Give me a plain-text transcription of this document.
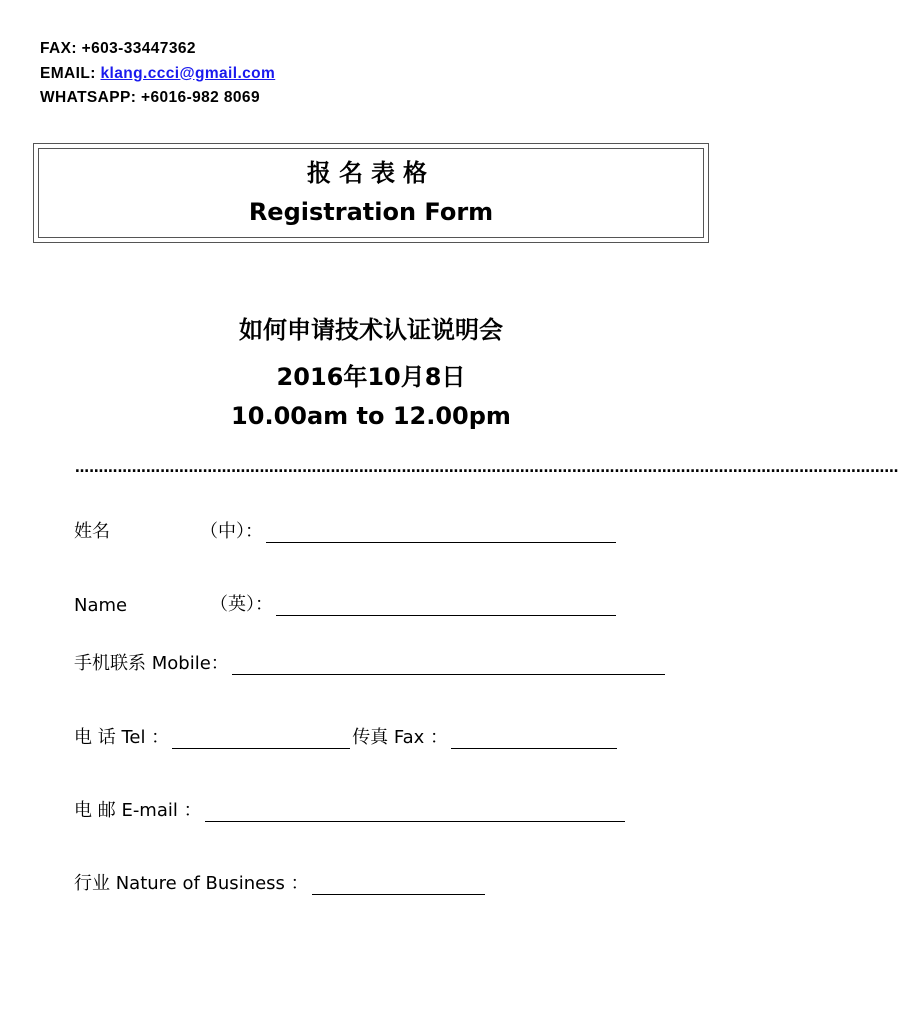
FAX: +603-33447362
EMAIL: klang.ccci@gmail.com
WHATSAPP: +6016-982 8069
报名表格
Registration Form
如何申请技术认证说明会
2016年10月8日
10.00am to 12.00pm
…………………………………………………………………………………………………………………………………………………………
姓名	（中）：
Name	（英）：
手机联系 Mobile：
电 话 Tel ：	传真 Fax ：
电 邮 E-mail ：
行业 Nature of Business ：
